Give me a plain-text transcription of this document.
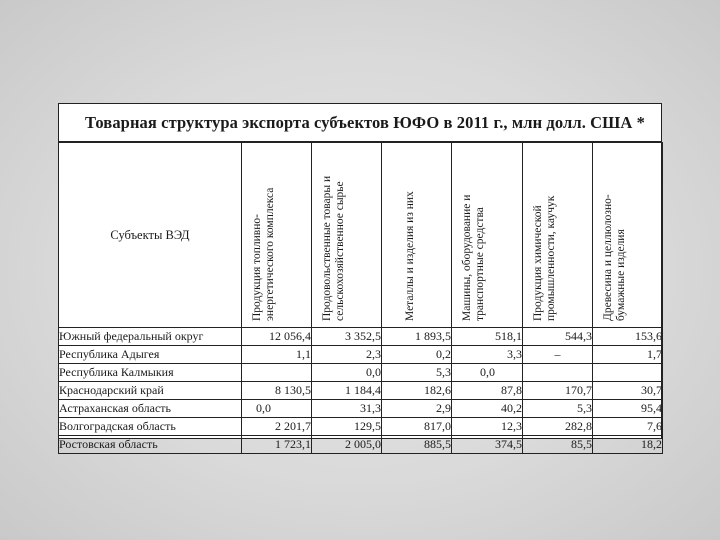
Товарная структура экспорта субъектов ЮФО в 2011 г., млн долл. США *
Субъекты ВЭД	Продукция топливно-энергетического комплекса	Продовольственные товары и сельскохозяйственное сырье	Металлы и изделия из них	Машины, оборудование и транспортные средства	Продукция химической промышленности, каучук	Древесина и целлюлозно-бумажные изделия

Южный федеральный округ	12 056,4	3 352,5	1 893,5	518,1	544,3	153,6
Республика Адыгея	1,1	2,3	0,2	3,3	–	1,7
Республика Калмыкия		0,0	5,3	0,0		
Краснодарский край	8 130,5	1 184,4	182,6	87,8	170,7	30,7
Астраханская область	0,0	31,3	2,9	40,2	5,3	95,4
Волгоградская область	2 201,7	129,5	817,0	12,3	282,8	7,6
Ростовская область	1 723,1	2 005,0	885,5	374,5	85,5	18,2
